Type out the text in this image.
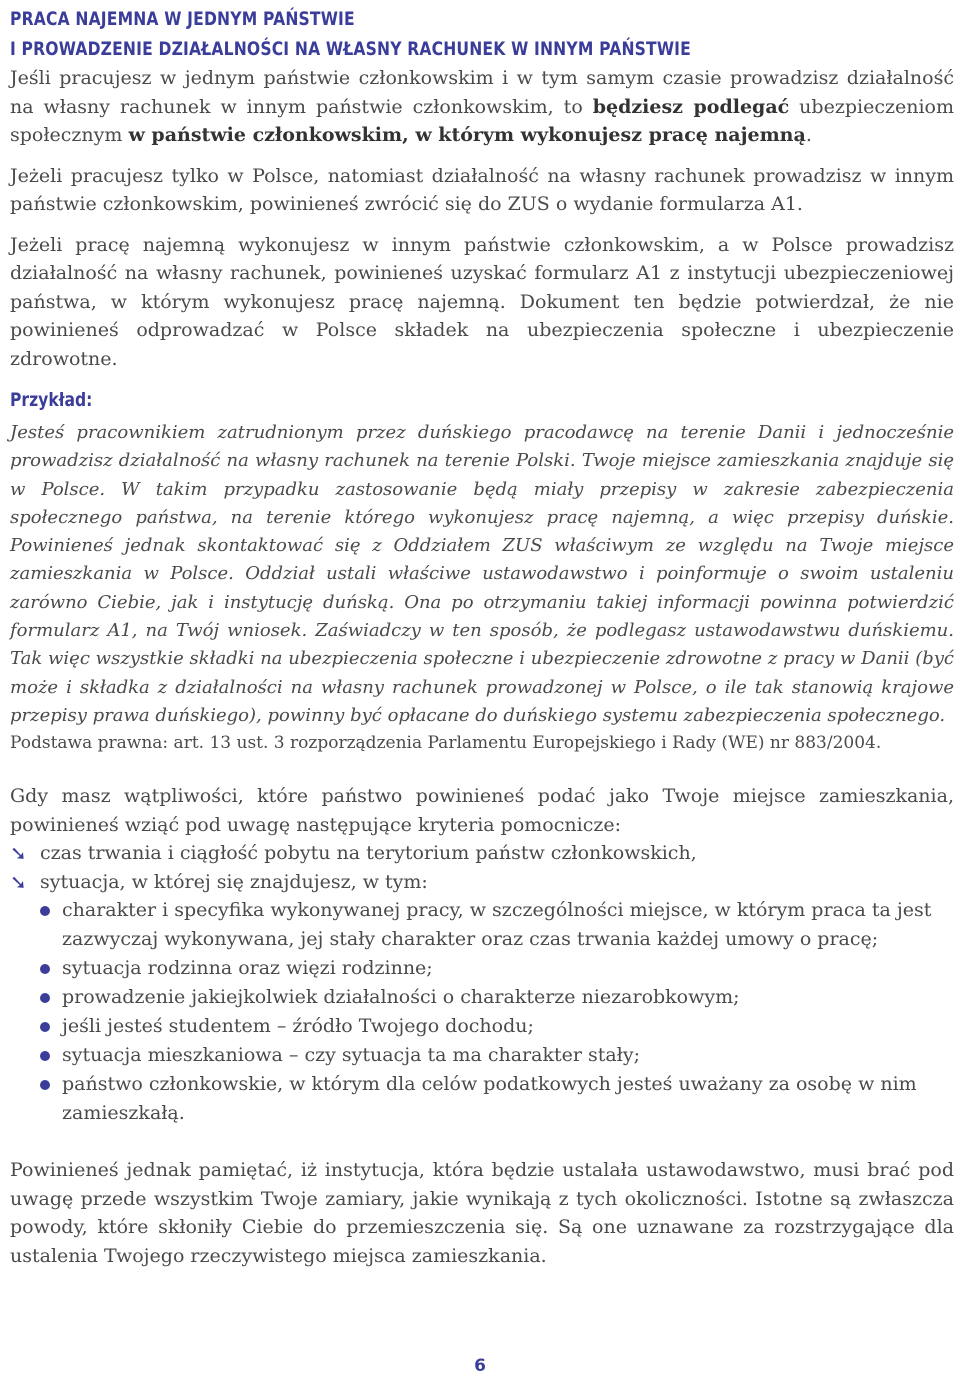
PRACA NAJEMNA W JEDNYM PAŃSTWIE
I PROWADZENIE DZIAŁALNOŚCI NA WŁASNY RACHUNEK W INNYM PAŃSTWIE

Jeśli pracujesz w jednym państwie członkowskim i w tym samym czasie prowadzisz działalność na własny rachunek w innym państwie członkowskim, to będziesz podlegać ubezpieczeniom społecznym w państwie członkowskim, w którym wykonujesz pracę najemną.

Jeżeli pracujesz tylko w Polsce, natomiast działalność na własny rachunek prowadzisz w innym państwie członkowskim, powinieneś zwrócić się do ZUS o wydanie formularza A1.

Jeżeli pracę najemną wykonujesz w innym państwie członkowskim, a w Polsce prowadzisz działalność na własny rachunek, powinieneś uzyskać formularz A1 z instytucji ubezpieczeniowej państwa, w którym wykonujesz pracę najemną. Dokument ten będzie potwierdzał, że nie powinieneś odprowadzać w Polsce składek na ubezpieczenia społeczne i ubezpieczenie zdrowotne.

Przykład:

Jesteś pracownikiem zatrudnionym przez duńskiego pracodawcę na terenie Danii i jednocześnie prowadzisz działalność na własny rachunek na terenie Polski. Twoje miejsce zamieszkania znajduje się w Polsce. W takim przypadku zastosowanie będą miały przepisy w zakresie zabezpieczenia społecznego państwa, na terenie którego wykonujesz pracę najemną, a więc przepisy duńskie. Powinieneś jednak skontaktować się z Oddziałem ZUS właściwym ze względu na Twoje miejsce zamieszkania w Polsce. Oddział ustali właściwe ustawodawstwo i poinformuje o swoim ustaleniu zarówno Ciebie, jak i instytucję duńską. Ona po otrzymaniu takiej informacji powinna potwierdzić formularz A1, na Twój wniosek. Zaświadczy w ten sposób, że podlegasz ustawodawstwu duńskiemu. Tak więc wszystkie składki na ubezpieczenia społeczne i ubezpieczenie zdrowotne z pracy w Danii (być może i składka z działalności na własny rachunek prowadzonej w Polsce, o ile tak stanowią krajowe przepisy prawa duńskiego), powinny być opłacane do duńskiego systemu zabezpieczenia społecznego.

Podstawa prawna: art. 13 ust. 3 rozporządzenia Parlamentu Europejskiego i Rady (WE) nr 883/2004.

Gdy masz wątpliwości, które państwo powinieneś podać jako Twoje miejsce zamieszkania, powinieneś wziąć pod uwagę następujące kryteria pomocnicze:

➘ czas trwania i ciągłość pobytu na terytorium państw członkowskich,
➘ sytuacja, w której się znajdujesz, w tym:
charakter i specyfika wykonywanej pracy, w szczególności miejsce, w którym praca ta jest zazwyczaj wykonywana, jej stały charakter oraz czas trwania każdej umowy o pracę;
sytuacja rodzinna oraz więzi rodzinne;
prowadzenie jakiejkolwiek działalności o charakterze niezarobkowym;
jeśli jesteś studentem – źródło Twojego dochodu;
sytuacja mieszkaniowa – czy sytuacja ta ma charakter stały;
państwo członkowskie, w którym dla celów podatkowych jesteś uważany za osobę w nim zamieszkałą.

Powinieneś jednak pamiętać, iż instytucja, która będzie ustalała ustawodawstwo, musi brać pod uwagę przede wszystkim Twoje zamiary, jakie wynikają z tych okoliczności. Istotne są zwłaszcza powody, które skłoniły Ciebie do przemieszczenia się. Są one uznawane za rozstrzygające dla ustalenia Twojego rzeczywistego miejsca zamieszkania.

6
